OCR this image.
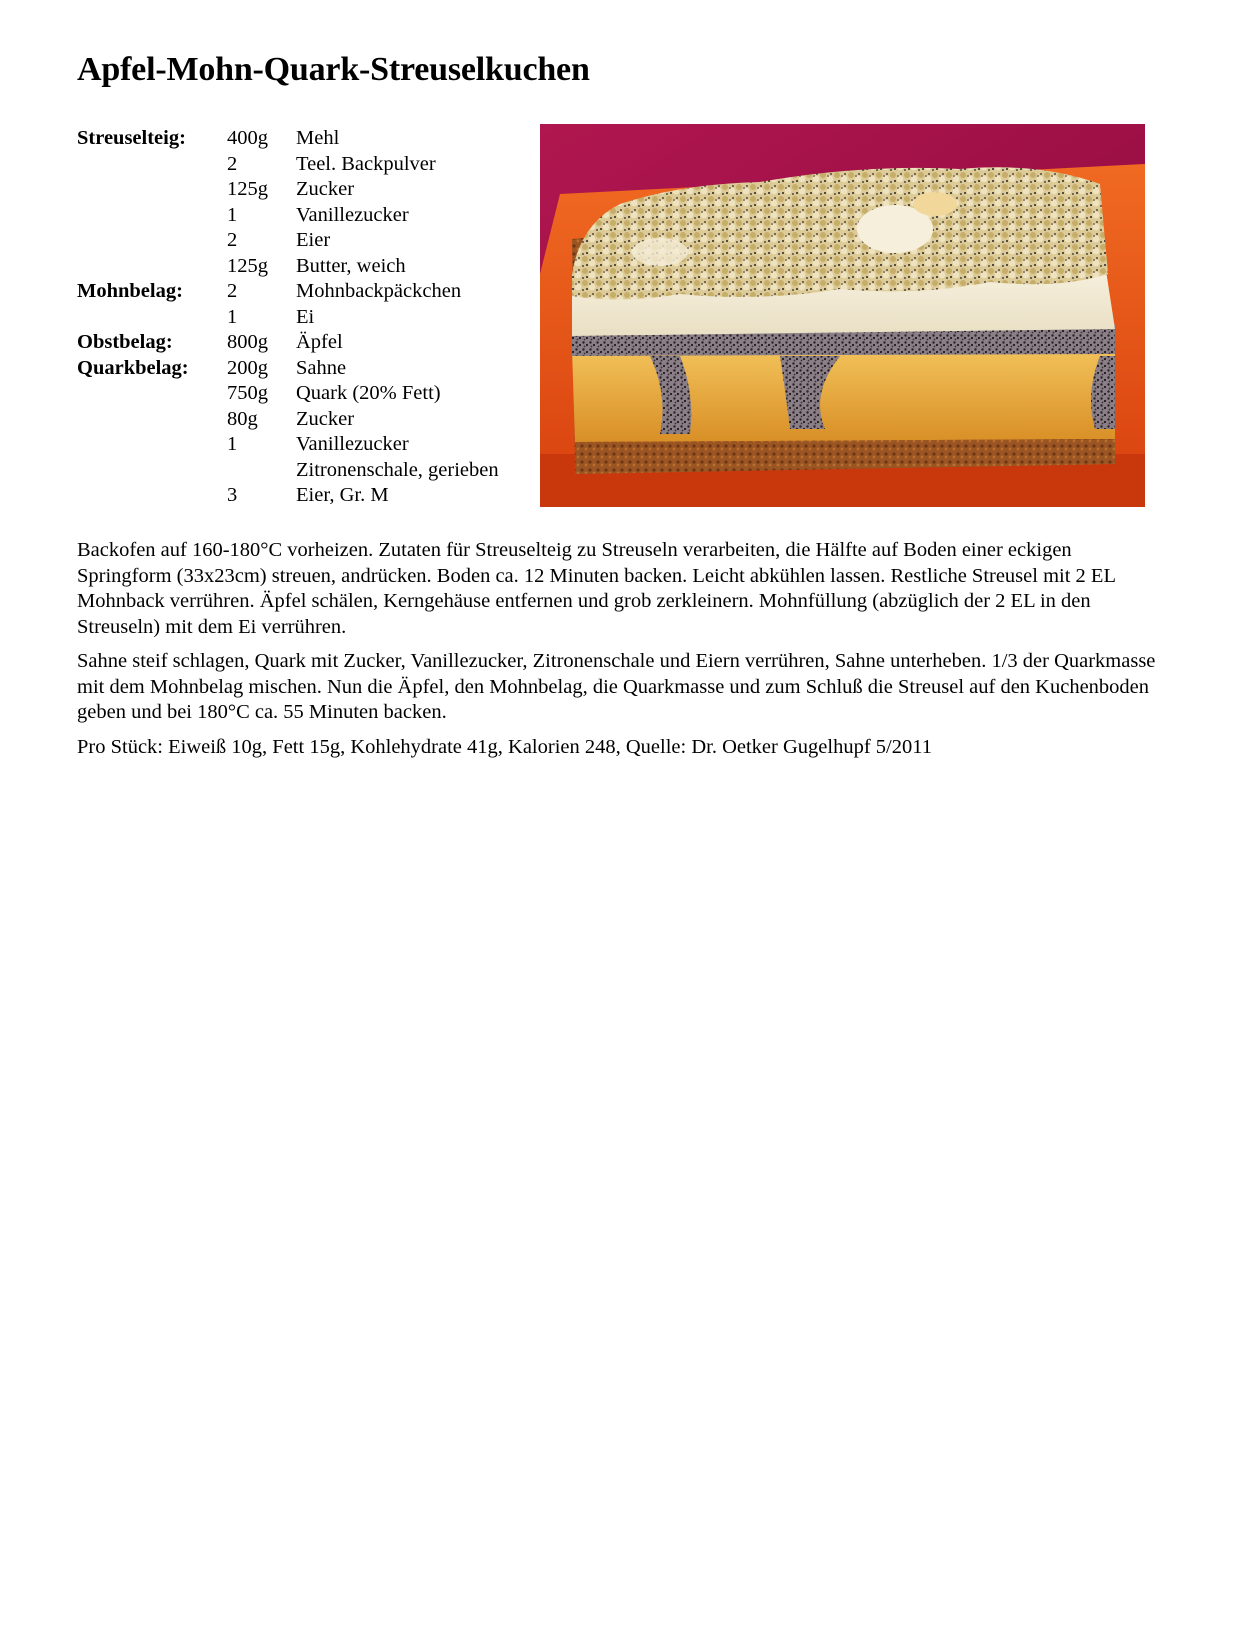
Apfel-Mohn-Quark-Streuselkuchen
Streuselteig:	400g	Mehl
	2	Teel. Backpulver
	125g	Zucker
	1	Vanillezucker
	2	Eier
	125g	Butter, weich
Mohnbelag:	2	Mohnbackpäckchen
	1	Ei
Obstbelag:	800g	Äpfel
Quarkbelag:	200g	Sahne
	750g	Quark (20% Fett)
	80g	Zucker
	1	Vanillezucker
		Zitronenschale, gerieben
	3	Eier, Gr. M

Backofen auf 160-180°C vorheizen. Zutaten für Streuselteig zu Streuseln verarbeiten, die Hälfte auf Boden einer eckigen Springform (33x23cm) streuen, andrücken. Boden ca. 12 Minuten backen. Leicht abkühlen lassen. Restliche Streusel mit 2 EL Mohnback verrühren. Äpfel schälen, Kerngehäuse entfernen und grob zerkleinern. Mohnfüllung (abzüglich der 2 EL in den Streuseln) mit dem Ei verrühren.

Sahne steif schlagen, Quark mit Zucker, Vanillezucker, Zitronenschale und Eiern verrühren, Sahne unterheben. 1/3 der Quarkmasse mit dem Mohnbelag mischen. Nun die Äpfel, den Mohnbelag, die Quarkmasse und zum Schluß die Streusel auf den Kuchenboden geben und bei 180°C ca. 55 Minuten backen.

Pro Stück: Eiweiß 10g, Fett 15g, Kohlehydrate 41g, Kalorien 248, Quelle: Dr. Oetker Gugelhupf 5/2011
